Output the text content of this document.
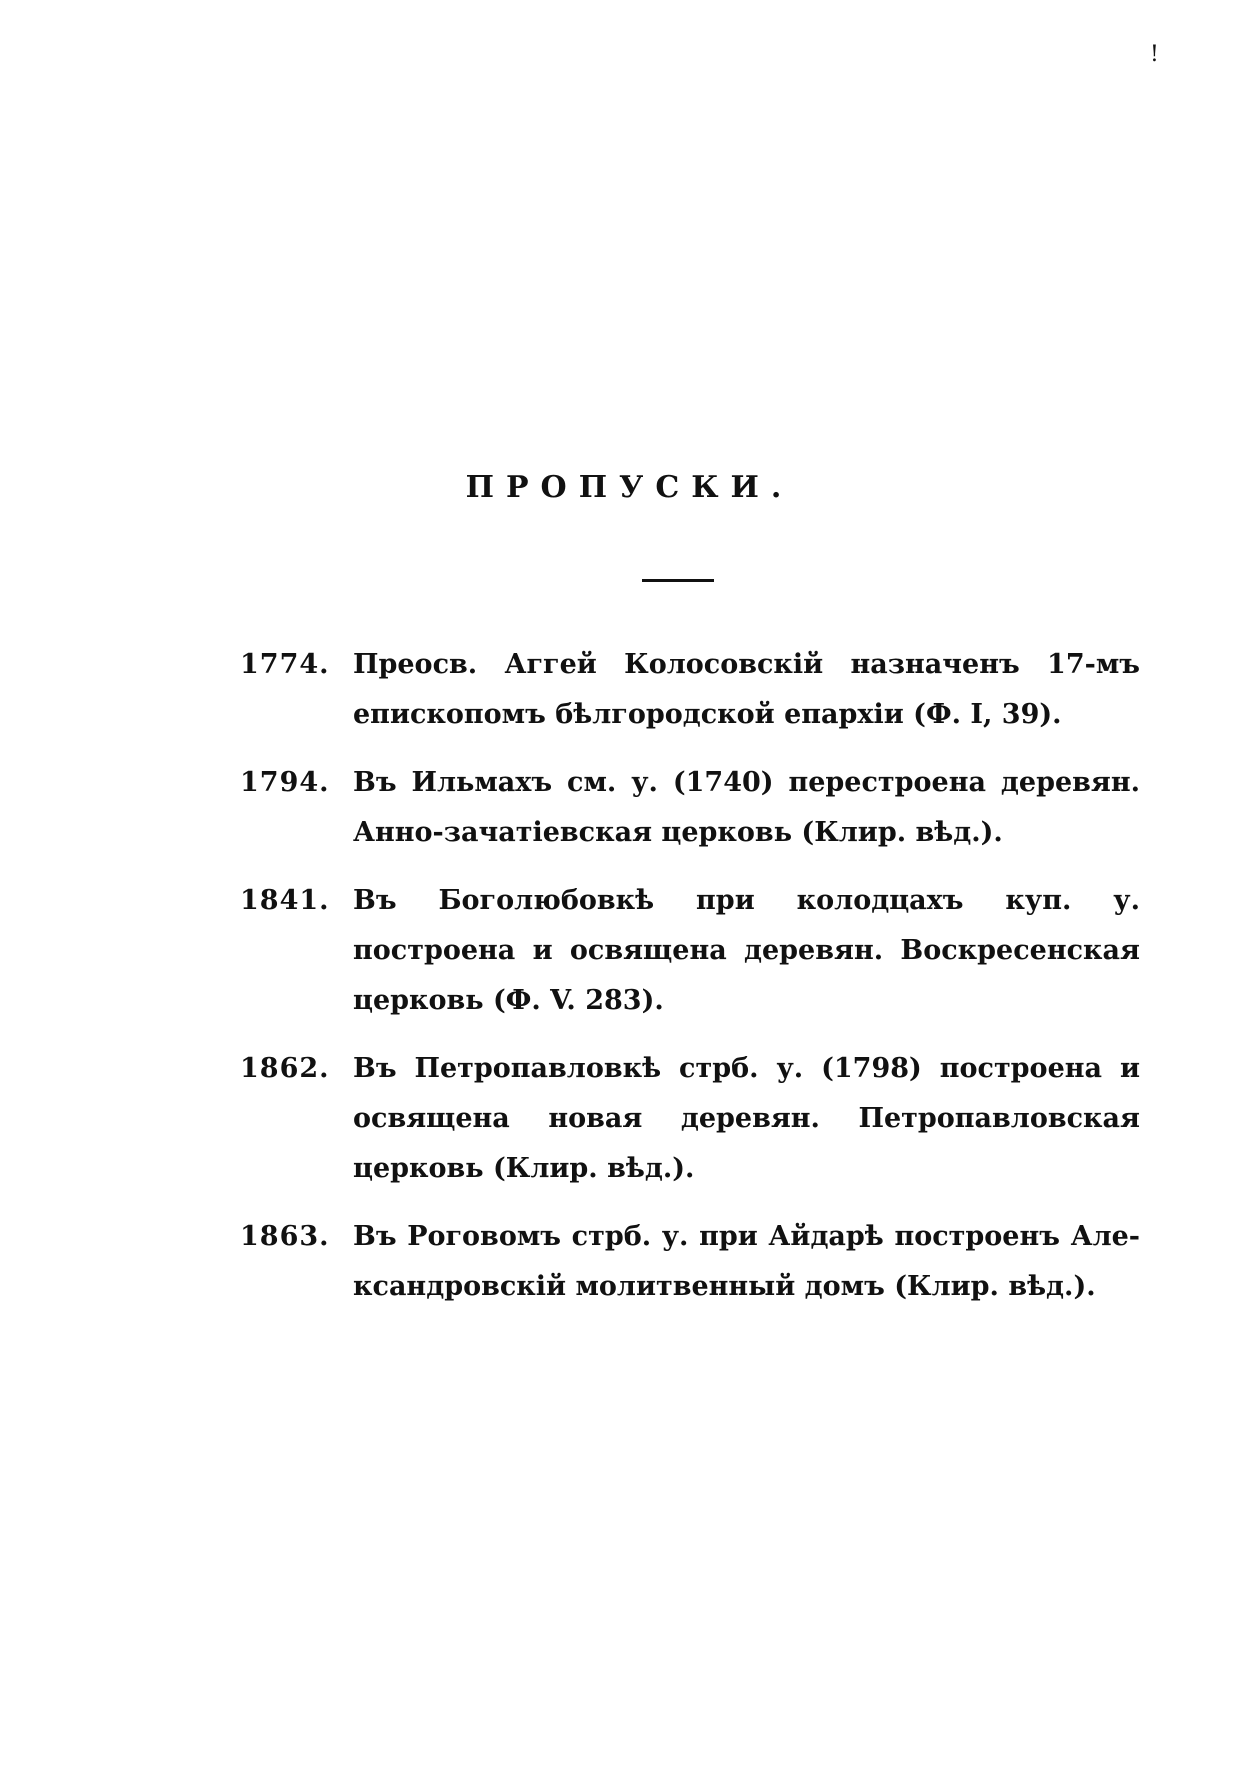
!
ПРОПУСКИ.
1774. Преосв. Аггей Колосовскій назначенъ 17-мъ епископомъ бѣлгородской епархіи (Ф. I, 39).
1794. Въ Ильмахъ см. у. (1740) перестроена деревян. Анно-зачатіевская церковь (Клир. вѣд.).
1841. Въ Боголюбовкѣ при колодцахъ куп. у. построена и освящена деревян. Воскресенская церковь (Ф. V. 283).
1862. Въ Петропавловкѣ стрб. у. (1798) построена и освящена новая деревян. Петропавловская церковь (Клир. вѣд.).
1863. Въ Роговомъ стрб. у. при Айдарѣ построенъ Але-ксандровскій молитвенный домъ (Клир. вѣд.).
